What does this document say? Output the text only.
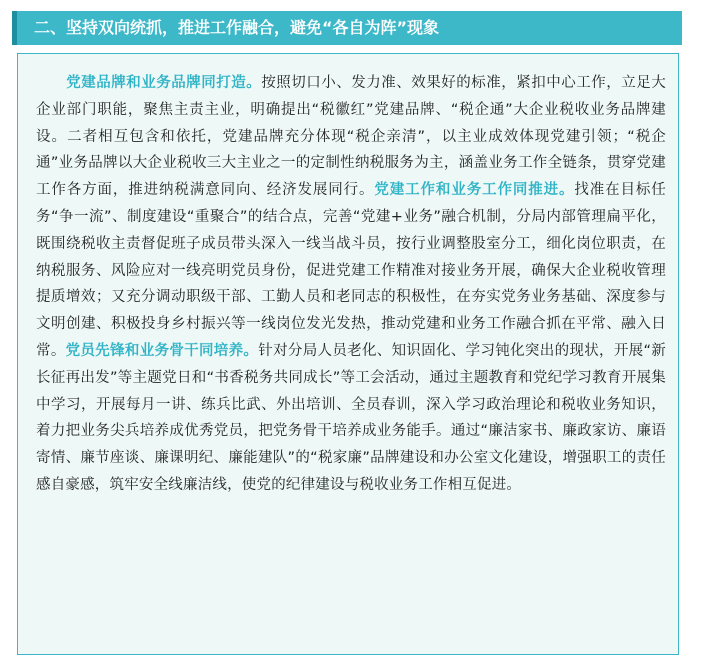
二、坚持双向统抓，推进工作融合，避免“各自为阵”现象
党建品牌和业务品牌同打造。按照切口小、发力准、效果好的标准，紧扣中心工作，立足大企业部门职能，聚焦主责主业，明确提出“税徽红”党建品牌、“税企通”大企业税收业务品牌建设。二者相互包含和依托，党建品牌充分体现“税企亲清”，以主业成效体现党建引领；“税企通”业务品牌以大企业税收三大主业之一的定制性纳税服务为主，涵盖业务工作全链条，贯穿党建工作各方面，推进纳税满意同向、经济发展同行。党建工作和业务工作同推进。找准在目标任务“争一流”、制度建设“重聚合”的结合点，完善“党建+业务”融合机制，分局内部管理扁平化，既围绕税收主责督促班子成员带头深入一线当战斗员，按行业调整股室分工，细化岗位职责，在纳税服务、风险应对一线亮明党员身份，促进党建工作精准对接业务开展，确保大企业税收管理提质增效；又充分调动职级干部、工勤人员和老同志的积极性，在夯实党务业务基础、深度参与文明创建、积极投身乡村振兴等一线岗位发光发热，推动党建和业务工作融合抓在平常、融入日常。党员先锋和业务骨干同培养。针对分局人员老化、知识固化、学习钝化突出的现状，开展“新长征再出发”等主题党日和“书香税务共同成长”等工会活动，通过主题教育和党纪学习教育开展集中学习，开展每月一讲、练兵比武、外出培训、全员春训，深入学习政治理论和税收业务知识，着力把业务尖兵培养成优秀党员，把党务骨干培养成业务能手。通过“廉洁家书、廉政家访、廉语寄情、廉节座谈、廉课明纪、廉能建队”的“税家廉”品牌建设和办公室文化建设，增强职工的责任感自豪感，筑牢安全线廉洁线，使党的纪律建设与税收业务工作相互促进。
